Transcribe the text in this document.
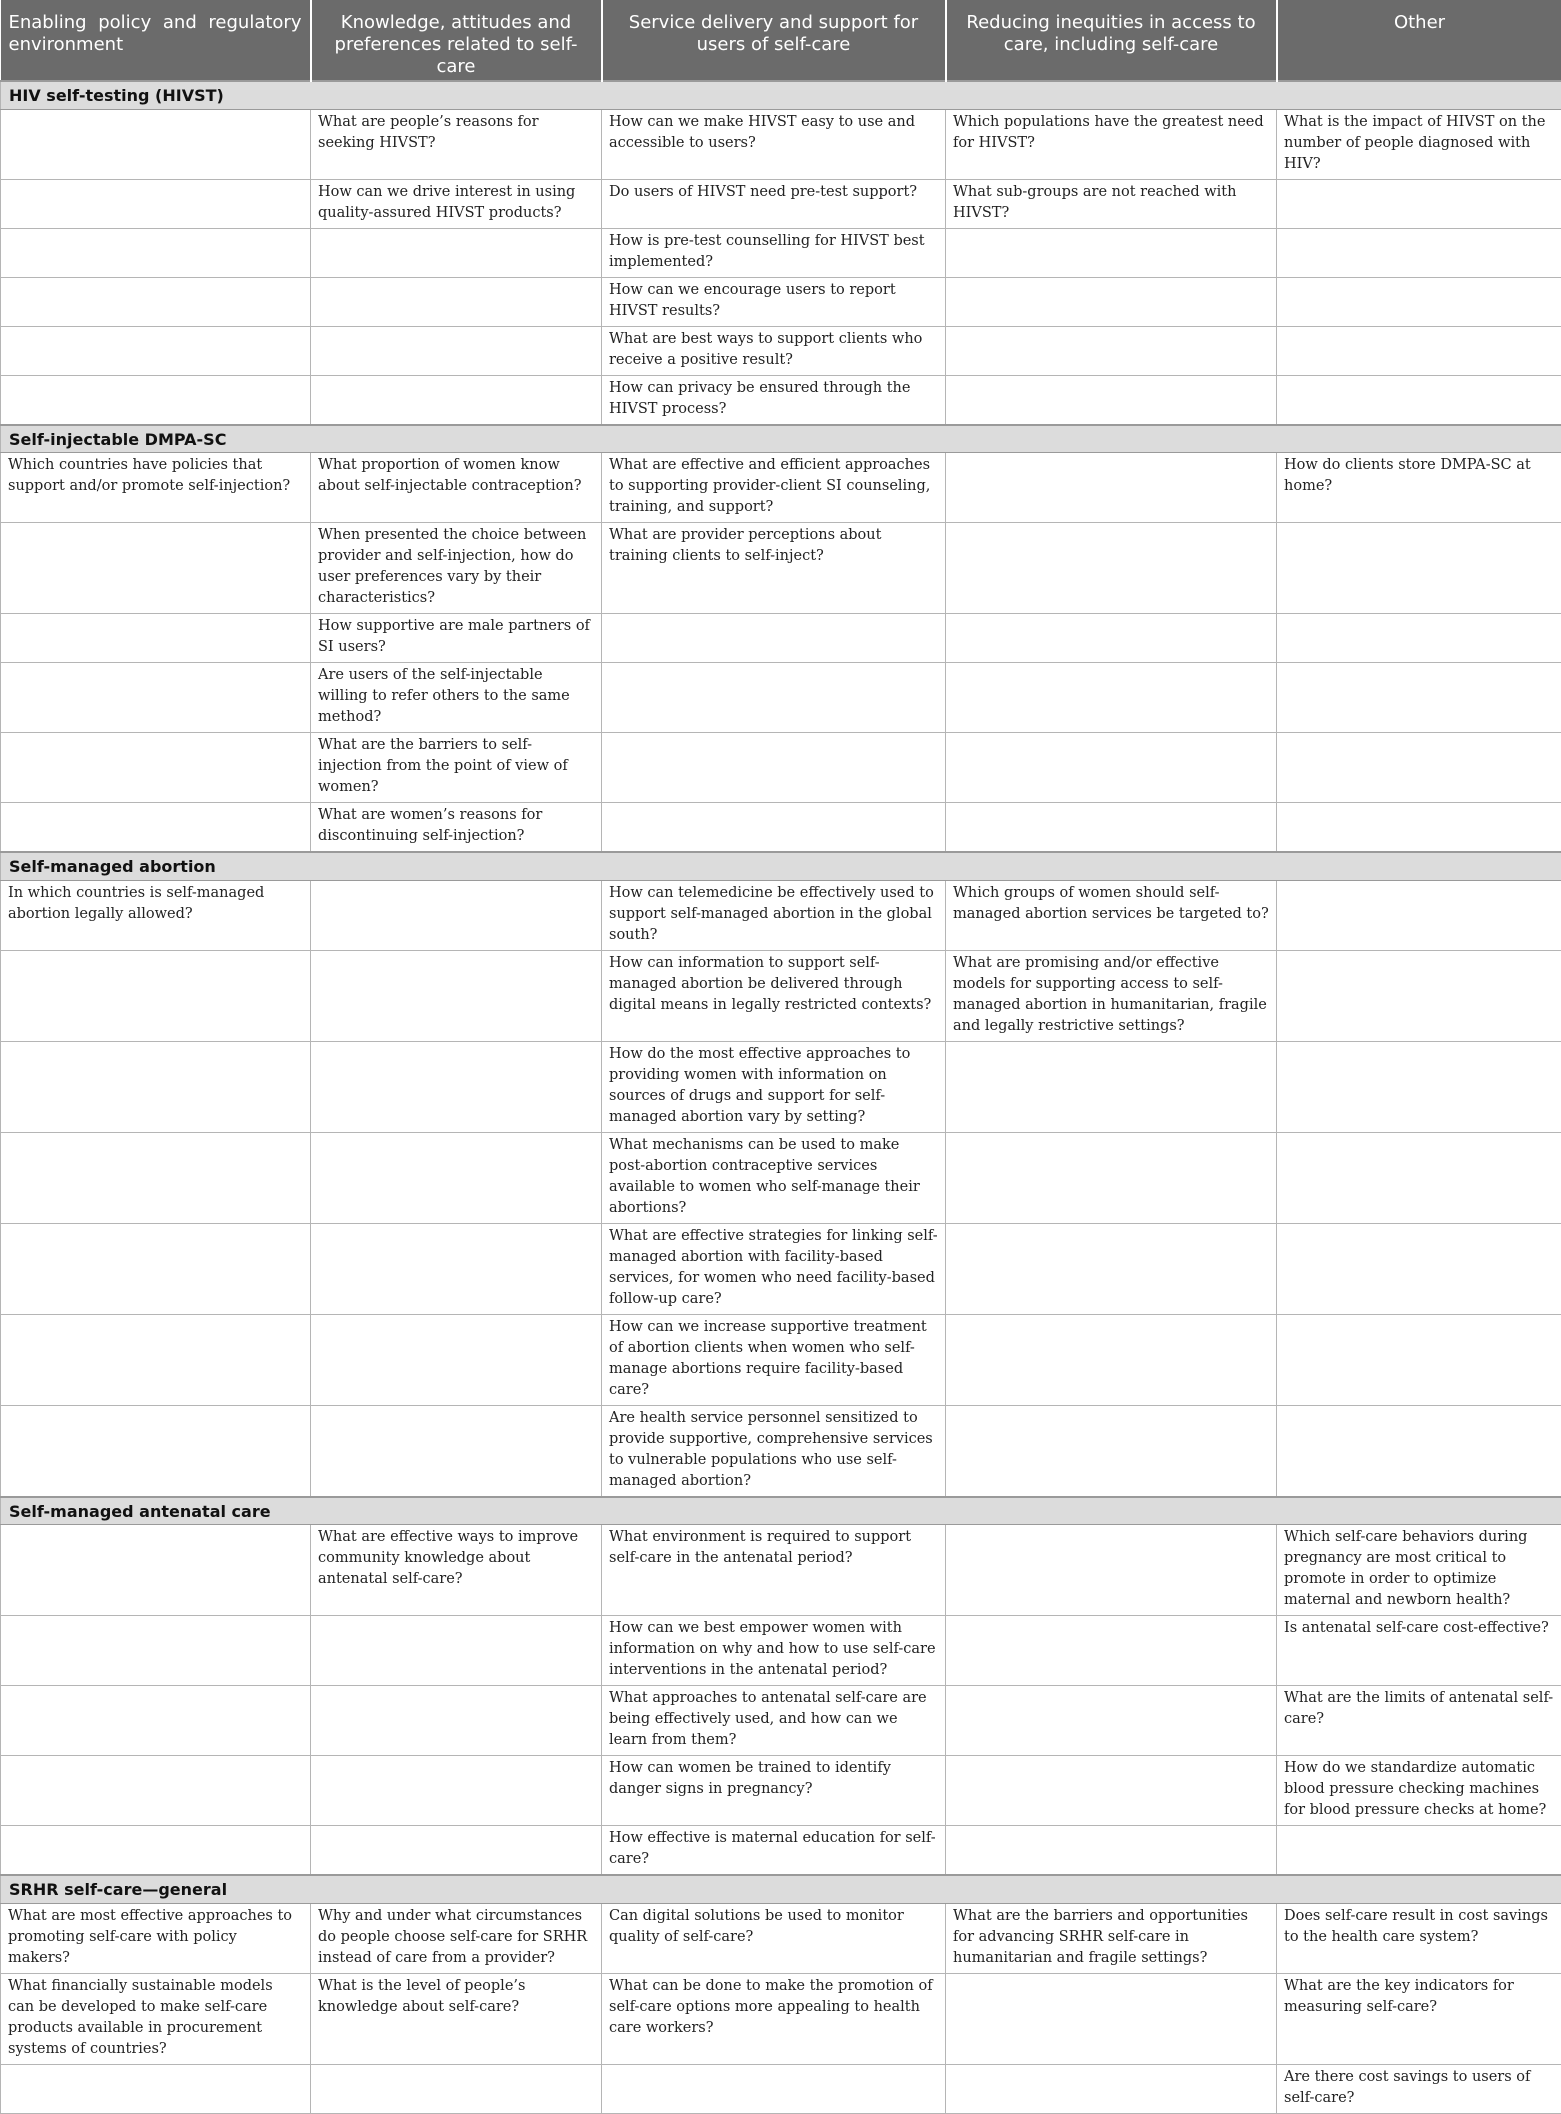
Enabling policy and regulatory environment	Knowledge, attitudes and preferences related to self-care	Service delivery and support for users of self-care	Reducing inequities in access to care, including self-care	Other
HIV self-testing (HIVST)				
	What are people’s reasons for seeking HIVST?	How can we make HIVST easy to use and accessible to users?	Which populations have the greatest need for HIVST?	What is the impact of HIVST on the number of people diagnosed with HIV?
	How can we drive interest in using quality-assured HIVST products?	Do users of HIVST need pre-test support?	What sub-groups are not reached with HIVST?	
		How is pre-test counselling for HIVST best implemented?		
		How can we encourage users to report HIVST results?		
		What are best ways to support clients who receive a positive result?		
		How can privacy be ensured through the HIVST process?		
Self-injectable DMPA-SC				
Which countries have policies that support and/or promote self-injection?	What proportion of women know about self-injectable contraception?	What are effective and efficient approaches to supporting provider-client SI counseling, training, and support?		How do clients store DMPA-SC at home?
	When presented the choice between provider and self-injection, how do user preferences vary by their characteristics?	What are provider perceptions about training clients to self-inject?		
	How supportive are male partners of SI users?			
	Are users of the self-injectable willing to refer others to the same method?			
	What are the barriers to self-injection from the point of view of women?			
	What are women’s reasons for discontinuing self-injection?			
Self-managed abortion				
In which countries is self-managed abortion legally allowed?		How can telemedicine be effectively used to support self-managed abortion in the global south?	Which groups of women should self-managed abortion services be targeted to?	
		How can information to support self-managed abortion be delivered through digital means in legally restricted contexts?	What are promising and/or effective models for supporting access to self-managed abortion in humanitarian, fragile and legally restrictive settings?	
		How do the most effective approaches to providing women with information on sources of drugs and support for self-managed abortion vary by setting?		
		What mechanisms can be used to make post-abortion contraceptive services available to women who self-manage their abortions?		
		What are effective strategies for linking self-managed abortion with facility-based services, for women who need facility-based follow-up care?		
		How can we increase supportive treatment of abortion clients when women who self-manage abortions require facility-based care?		
		Are health service personnel sensitized to provide supportive, comprehensive services to vulnerable populations who use self-managed abortion?		
Self-managed antenatal care				
	What are effective ways to improve community knowledge about antenatal self-care?	What environment is required to support self-care in the antenatal period?		Which self-care behaviors during pregnancy are most critical to promote in order to optimize maternal and newborn health?
		How can we best empower women with information on why and how to use self-care interventions in the antenatal period?		Is antenatal self-care cost-effective?
		What approaches to antenatal self-care are being effectively used, and how can we learn from them?		What are the limits of antenatal self-care?
		How can women be trained to identify danger signs in pregnancy?		How do we standardize automatic blood pressure checking machines for blood pressure checks at home?
		How effective is maternal education for self-care?		
SRHR self-care—general				
What are most effective approaches to promoting self-care with policy makers?	Why and under what circumstances do people choose self-care for SRHR instead of care from a provider?	Can digital solutions be used to monitor quality of self-care?	What are the barriers and opportunities for advancing SRHR self-care in humanitarian and fragile settings?	Does self-care result in cost savings to the health care system?
What financially sustainable models can be developed to make self-care products available in procurement systems of countries?	What is the level of people’s knowledge about self-care?	What can be done to make the promotion of self-care options more appealing to health care workers?		What are the key indicators for measuring self-care?
				Are there cost savings to users of self-care?
